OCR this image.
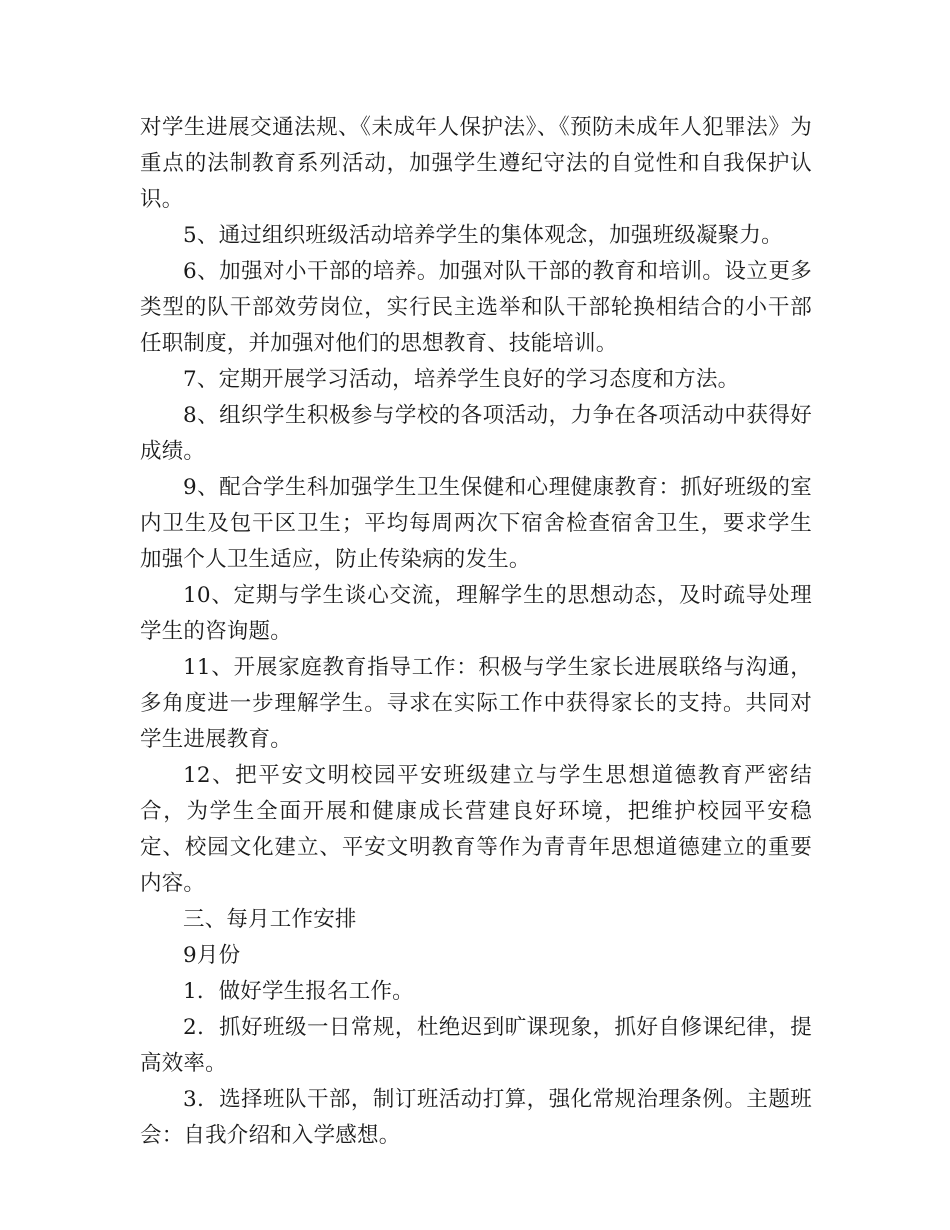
对学生进展交通法规、《未成年人保护法》、《预防未成年人犯罪法》为重点的法制教育系列活动，加强学生遵纪守法的自觉性和自我保护认识。

5、通过组织班级活动培养学生的集体观念，加强班级凝聚力。

6、加强对小干部的培养。加强对队干部的教育和培训。设立更多类型的队干部效劳岗位，实行民主选举和队干部轮换相结合的小干部任职制度，并加强对他们的思想教育、技能培训。

7、定期开展学习活动，培养学生良好的学习态度和方法。

8、组织学生积极参与学校的各项活动，力争在各项活动中获得好成绩。

9、配合学生科加强学生卫生保健和心理健康教育：抓好班级的室内卫生及包干区卫生；平均每周两次下宿舍检查宿舍卫生，要求学生加强个人卫生适应，防止传染病的发生。

10、定期与学生谈心交流，理解学生的思想动态，及时疏导处理学生的咨询题。

11、开展家庭教育指导工作：积极与学生家长进展联络与沟通，多角度进一步理解学生。寻求在实际工作中获得家长的支持。共同对学生进展教育。

12、把平安文明校园平安班级建立与学生思想道德教育严密结合，为学生全面开展和健康成长营建良好环境，把维护校园平安稳定、校园文化建立、平安文明教育等作为青青年思想道德建立的重要内容。

三、每月工作安排

9月份

1．做好学生报名工作。

2．抓好班级一日常规，杜绝迟到旷课现象，抓好自修课纪律，提高效率。

3．选择班队干部，制订班活动打算，强化常规治理条例。主题班会：自我介绍和入学感想。
